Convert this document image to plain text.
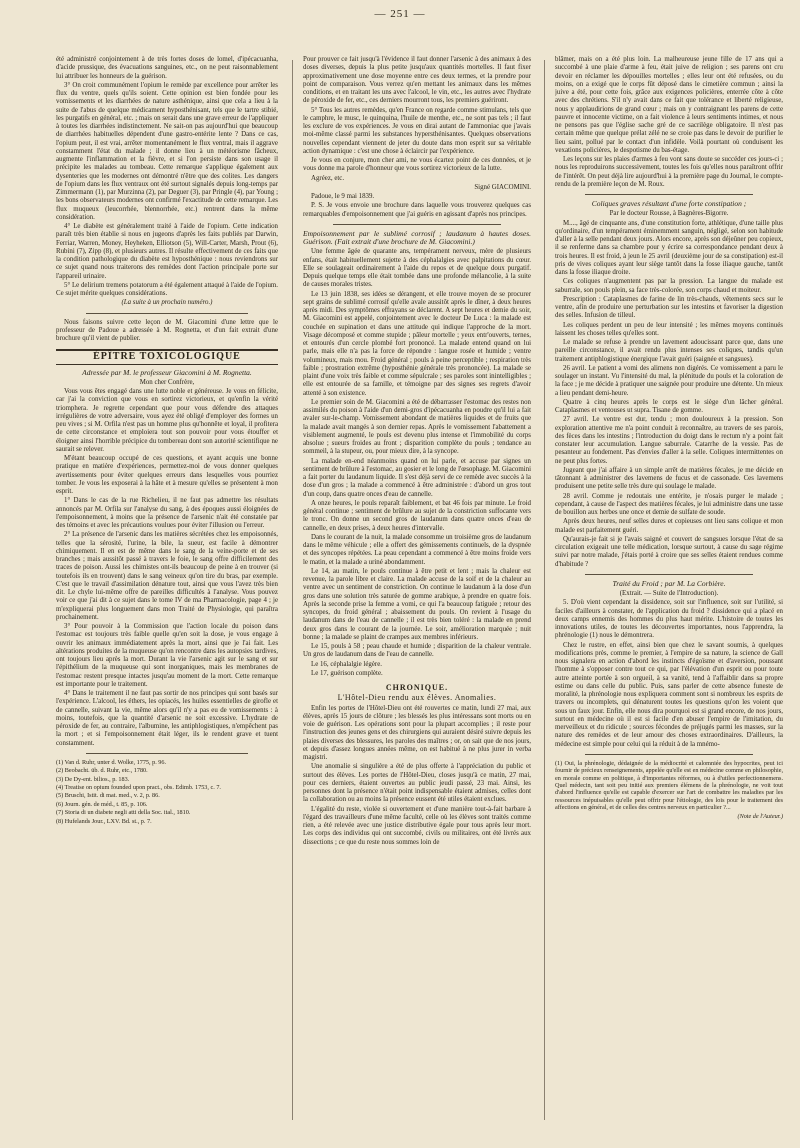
— 251 —

été administré conjointement à de très fortes doses de lomel, d'ipécacuanha, d'acide prussique, des évacuations sanguines, etc., on ne peut raisonnablement lui attribuer les honneurs de la guérison.

3° On croit communément l'opium le remède par excellence pour arrêter les flux du ventre, quels qu'ils soient. Cette opinion est bien fondée pour les vomissements et les diarrhées de nature asthénique, ainsi que cela a lieu à la suite de l'abus de quelque médicament hyposthénisant, tels que le tartre stibié, les purgatifs en général, etc. ; mais on serait dans une grave erreur de l'appliquer à toutes les diarrhées indistinctement. Ne sait-on pas aujourd'hui que beaucoup de diarrhées habituelles dépendent d'une gastro-entérite lente ? Dans ce cas, l'opium peut, il est vrai, arrêter momentanément le flux ventral, mais il aggrave constamment l'état du malade ; il donne lieu à un météorisme fâcheux, augmente l'inflammation et la fièvre, et si l'on persiste dans son usage il précipite les malades au tombeau. Cette remarque s'applique également aux dysenteries que les modernes ont démontré n'être que des colites. Les dangers de l'opium dans les flux ventraux ont été surtout signalés depuis long-temps par Zimmermann (1), par Murzinna (2), par Deguer (3), par Pringle (4), par Young ; les bons observateurs modernes ont confirmé l'exactitude de cette remarque. Les flux muqueux (leucorrhée, blennorrhée, etc.) rentrent dans la même considération.

4° Le diabète est généralement traité à l'aide de l'opium. Cette indication paraît très bien établie si nous en jugeons d'après les faits publiés par Darwin, Ferriar, Warren, Money, Heyheken, Elliotson (5), Will-Carter, Marsh, Prout (6), Rubini (7), Zipp (8), et plusieurs autres. Il résulte effectivement de ces faits que la condition pathologique du diabète est hyposthénique : nous reviendrons sur ce sujet quand nous traiterons des remèdes dont l'action principale porte sur l'appareil urinaire.

5° Le delirium tremens potatorum a été également attaqué à l'aide de l'opium. Ce sujet mérite quelques considérations.

(La suite à un prochain numéro.)

Nous faisons suivre cette leçon de M. Giacomini d'une lettre que le professeur de Padoue a adressée à M. Rognetta, et d'un fait extrait d'une brochure qu'il vient de publier.

ÉPÎTRE TOXICOLOGIQUE

Adressée par M. le professeur Giacomini à M. Rognetta.

Mon cher Confrère,

Vous vous êtes engagé dans une lutte noble et généreuse. Je vous en félicite, car j'ai la conviction que vous en sortirez victorieux, et qu'enfin la vérité triomphera. Je regrette cependant que pour vous défendre des attaques irrégulières de votre adversaire, vous ayez été obligé d'employer des formes un peu vives ; si M. Orfila n'est pas un homme plus qu'honnête et loyal, il profitera de cette circonstance et emploiera tout son pouvoir pour vous étouffer et éloigner ainsi l'horrible précipice du tombereau dont son autorité scientifique ne saurait se relever.

M'étant beaucoup occupé de ces questions, et ayant acquis une bonne pratique en matière d'expériences, permettez-moi de vous donner quelques avertissements pour éviter quelques erreurs dans lesquelles vous pourriez tomber. Je vous les exposerai à la hâte et à mesure qu'elles se présentent à mon esprit.

1° Dans le cas de la rue Richelieu, il ne faut pas admettre les résultats annoncés par M. Orfila sur l'analyse du sang, à des époques aussi éloignées de l'empoisonnement, à moins que la présence de l'arsenic n'ait été constatée par des témoins et avec les précautions voulues pour éviter l'illusion ou l'erreur.

2° La présence de l'arsenic dans les matières sécrétées chez les empoisonnés, telles que la sérosité, l'urine, la bile, la sueur, est facile à démontrer chimiquement. Il en est de même dans le sang de la veine-porte et de ses branches ; mais aussitôt passé à travers le foie, le sang offre difficilement des traces de poison. Aussi les chimistes ont-ils beaucoup de peine à en trouver (si toutefois ils en trouvent) dans le sang veineux qu'on tire du bras, par exemple. C'est que le travail d'assimilation dénature tout, ainsi que vous l'avez très bien dit. Le chyle lui-même offre de pareilles difficultés à l'analyse. Vous pouvez voir ce que j'ai dit à ce sujet dans le tome IV de ma Pharmacologie, page 4 ; je m'expliquerai plus longuement dans mon Traité de Physiologie, qui paraîtra prochainement.

3° Pour pouvoir à la Commission que l'action locale du poison dans l'estomac est toujours très faible quelle qu'en soit la dose, je vous engage à ouvrir les animaux immédiatement après la mort, ainsi que je l'ai fait. Les altérations produites de la muqueuse qu'on rencontre dans les autopsies tardives, ont toujours lieu après la mort. Durant la vie l'arsenic agit sur le sang et sur l'épithélium de la muqueuse qui sont inorganiques, mais les membranes de l'estomac restent presque intactes jusqu'au moment de la mort. Cette remarque est importante pour le traitement.

4° Dans le traitement il ne faut pas sortir de nos principes qui sont basés sur l'expérience. L'alcool, les éthers, les opiacés, les huiles essentielles de girofle et de cannelle, suivant la vie, même alors qu'il n'y a pas eu de vomissements : à moins, toutefois, que la quantité d'arsenic ne soit excessive. L'hydrate de péroxide de fer, au contraire, l'albumine, les antiphlogistiques, n'empêchent pas la mort ; et si l'empoisonnement était léger, ils le rendent grave et tuent constamment.

(1) Van d. Ruhr, unter d. Wolke, 1775, p. 96.

(2) Beobacht. üb. d. Ruhr, etc., 1780.

(3) De Dy-ent. bilios., p. 183.

(4) Treatise on opium founded upon pract., obs. Edimb. 1753, c. 7.

(5) Bruschi, Istit. di mat. med., v. 2, p. 86.

(6) Journ. gén. de méd., t. 85, p. 106.

(7) Storia di un diabete negli atti della Soc. ital., 1810.

(8) Hufelands Jour., LXV. Bd. st., p. 7.

Pour prouver ce fait jusqu'à l'évidence il faut donner l'arsenic à des animaux à des doses diverses, depuis la plus petite jusqu'aux quantités mortelles. Il faut fixer approximativement une dose moyenne entre ces deux termes, et la prendre pour point de comparaison. Vous verrez qu'en mettant les animaux dans les mêmes conditions, et en traitant les uns avec l'alcool, le vin, etc., les autres avec l'hydrate de péroxide de fer, etc., ces derniers mourront tous, les premiers guériront.

5° Tous les autres remèdes, qu'en France on regarde comme stimulans, tels que le camphre, le musc, le quinquina, l'huile de menthe, etc., ne sont pas tels ; il faut les exclure de vos expériences. Je vous en dirai autant de l'ammoniac que j'avais moi-même classé parmi les substances hypersthénisantes. Quelques observations nouvelles cependant viennent de jeter du doute dans mon esprit sur sa véritable action dynamique : c'est une chose à éclaircir par l'expérience.

Je vous en conjure, mon cher ami, ne vous écartez point de ces données, et je vous donne ma parole d'honneur que vous sortirez victorieux de la lutte.

Agréez, etc.

Signé GIACOMINI.

Padoue, le 9 mai 1839.

P. S. Je vous envoie une brochure dans laquelle vous trouverez quelques cas remarquables d'empoisonnement que j'ai guéris en agissant d'après nos principes.

Empoisonnement par le sublimé corrosif ; laudanum à hautes doses. Guérison. (Fait extrait d'une brochure de M. Giacomini.)

Une femme âgée de quarante ans, tempérament nerveux, mère de plusieurs enfans, était habituellement sujette à des céphalalgies avec palpitations du cœur. Elle se soulageait ordinairement à l'aide du repos et de quelque doux purgatif. Depuis quelque temps elle était tombée dans une profonde mélancolie, à la suite de causes morales tristes.

Le 13 juin 1838, ses idées se dérangent, et elle trouve moyen de se procurer sept grains de sublimé corrosif qu'elle avale aussitôt après le dîner, à deux heures après midi. Des symptômes effrayans se déclarent. A sept heures et demie du soir, M. Giacomini est appelé, conjointement avec le docteur De Luca : la malade est couchée en supination et dans une attitude qui indique l'approche de la mort. Visage décomposé et comme stupide ; pâleur mortelle ; yeux entr'ouverts, ternes, et entourés d'un cercle plombé fort prononcé. La malade entend quand on lui parle, mais elle n'a pas la force de répondre : langue rosée et humide ; ventre volumineux, mais mou. Froid général ; pouls à peine perceptible ; respiration très faible ; prostration extrême (hyposthénie générale très prononcée). La malade se plaint d'une voix très faible et comme sépulcrale ; ses paroles sont inintelligibles ; elle est entourée de sa famille, et témoigne par des signes ses regrets d'avoir attenté à son existence.

Le premier soin de M. Giacomini a été de débarrasser l'estomac des restes non assimilés du poison à l'aide d'un demi-gros d'ipécacuanha en poudre qu'il lui a fait avaler sur-le-champ. Vomissement abondant de matières liquides et de fruits que la malade avait mangés à son dernier repas. Après le vomissement l'abattement a visiblement augmenté, le pouls est devenu plus intense et l'immobilité du corps absolue ; sueurs froides au front ; disparition complète du pouls ; tendance au sommeil, à la stupeur, ou, pour mieux dire, à la syncope.

La malade en-end néanmoins quand on lui parle, et accuse par signes un sentiment de brûlure à l'estomac, au gosier et le long de l'œsophage. M. Giacomini a fait porter du laudanum liquide. Il s'est déjà servi de ce remède avec succès à la dose d'un gros ; la malade a commencé à être administrée : d'abord un gros tout d'un coup, dans quatre onces d'eau de cannelle.

A onze heures, le pouls reparaît faiblement, et bat 46 fois par minute. Le froid général continue ; sentiment de brûlure au sujet de la constriction suffocante vers le tronc. On donne un second gros de laudanum dans quatre onces d'eau de cannelle, en deux prises, à deux heures d'intervalle.

Dans le courant de la nuit, la malade consomme un troisième gros de laudanum dans le même véhicule ; elle a offert des gémissements continuels, de la dyspnée et des syncopes répétées. La peau cependant a commencé à être moins froide vers le matin, et la malade a uriné abondamment.

Le 14, au matin, le pouls continue à être petit et lent ; mais la chaleur est revenue, la parole libre et claire. La malade accuse de la soif et de la chaleur au ventre avec un sentiment de constriction. On continue le laudanum à la dose d'un gros dans une solution très saturée de gomme arabique, à prendre en quatre fois. Après la seconde prise la femme a vomi, ce qui l'a beaucoup fatiguée ; retour des syncopes, du froid général ; abaissement du pouls. On revient à l'usage du laudanum dans de l'eau de cannelle ; il est très bien toléré : la malade en prend deux gros dans le courant de la journée. Le soir, amélioration marquée ; nuit bonne ; la malade se plaint de crampes aux membres inférieurs.

Le 15, pouls à 58 ; peau chaude et humide ; disparition de la chaleur ventrale. Un gros de laudanum dans de l'eau de cannelle.

Le 16, céphalalgie légère.

Le 17, guérison complète.

CHRONIQUE.
L'Hôtel-Dieu rendu aux élèves. Anomalies.

Enfin les portes de l'Hôtel-Dieu ont été rouvertes ce matin, lundi 27 mai, aux élèves, après 15 jours de clôture ; les blessés les plus intéressans sont morts ou en voie de guérison. Les opérations sont pour la plupart accomplies ; il reste pour l'instruction des jeunes gens et des chirurgiens qui auraient désiré suivre depuis les plaies diverses des blessures, les paroles des maîtres ; or, on sait que de nos jours, et depuis d'assez longues années même, on est habitué à ne plus jurer in verba magistri.

Une anomalie si singulière a été de plus offerte à l'appréciation du public et surtout des élèves. Les portes de l'Hôtel-Dieu, closes jusqu'à ce matin, 27 mai, pour ces derniers, étaient ouvertes au public jeudi passé, 23 mai. Ainsi, les personnes dont la présence n'était point indispensable étaient admises, celles dont la collaboration ou au moins la présence eussent été utiles étaient exclues.

L'égalité du reste, violée si ouvertement et d'une manière tout-à-fait barbare à l'égard des travailleurs d'une même faculté, celle où les élèves sont traités comme rien, a été relevée avec une justice distributive égale pour tous après leur mort. Les corps des individus qui ont succombé, civils ou militaires, ont été livrés aux dissections ; ce que du reste nous sommes loin de

blâmer, mais on a été plus loin. La malheureuse jeune fille de 17 ans qui a succombé à une plaie d'arme à feu, était juive de religion ; ses parens ont cru devoir en réclamer les dépouilles mortelles ; elles leur ont été refusées, ou du moins, on a exigé que le corps fût déposé dans le cimetière commun ; ainsi la juive a été, pour cette fois, grâce aux exigences policières, enterrée côte à côte avec des chrétiens. S'il n'y avait dans ce fait que tolérance et liberté religieuse, nous y applaudirions de grand cœur ; mais on y contraignant les parens de cette pauvre et innocente victime, on a fait violence à leurs sentiments intimes, et nous ne pensons pas que l'église sache gré de ce sacrilège obligatoire. Il n'est pas certain même que quelque prélat zélé ne se croie pas dans le devoir de purifier le lieu saint, pollué par le contact d'un infidèle. Voilà pourtant où conduisent les vexations policières, le despotisme du bas-étage.

Les leçons sur les plaies d'armes à feu vont sans doute se succéder ces jours-ci ; nous les reproduirons successivement, toutes les fois qu'elles nous paraîtront offrir de l'intérêt. On peut déjà lire aujourd'hui à la première page du Journal, le compte-rendu de la première leçon de M. Roux.

Coliques graves résultant d'une forte constipation ;

Par le docteur Rousse, à Bagnères-Bigorre.

M...., âgé de cinquante ans, d'une constitution forte, athlétique, d'une taille plus qu'ordinaire, d'un tempérament éminemment sanguin, négligé, selon son habitude d'aller à la selle pendant deux jours. Alors encore, après son déjeûner peu copieux, il se renferme dans sa chambre pour y écrire sa correspondance pendant deux à trois heures. Il est froid, à jeun le 25 avril (deuxième jour de sa constipation) est-il pris de vives coliques ayant leur siège tantôt dans la fosse iliaque gauche, tantôt dans la fosse iliaque droite.

Ces coliques n'augmentent pas par la pression. La langue du malade est saburrale, son pouls plein, sa face très-colorée, son corps chaud et moiteur.

Prescription : Cataplasmes de farine de lin très-chauds, vêtements secs sur le ventre, afin de produire une perturbation sur les intestins et favoriser la digestion des selles. Infusion de tilleul.

Les coliques perdent un peu de leur intensité ; les mêmes moyens continués laissent les choses telles qu'elles sont.

Le malade se refuse à prendre un lavement adoucissant parce que, dans une pareille circonstance, il avait rendu plus intenses ses coliques, tandis qu'un traitement antiphlogistique énergique l'avait guéri (saignée et sangsues).

26 avril. Le patient a vomi des alimens non digérés. Ce vomissement a paru le soulager un instant. Vu l'intensité du mal, la plénitude du pouls et la coloration de la face ; je me décide à pratiquer une saignée pour produire une détente. Un mieux a lieu pendant demi-heure.

Quatre à cinq heures après le corps est le siège d'un lâcher général. Cataplasmes et ventouses ut supra. Tisane de gomme.

27 avril. Le ventre est dur, tendu ; mon douloureux à la pression. Son exploration attentive me n'a point conduit à reconnaître, au travers de ses parois, des fèces dans les intestins ; l'introduction du doigt dans le rectum n'y a point fait constater leur accumulation. Langue saburrale. Catarrhe de la vessie. Pas de pesanteur au fondement. Pas d'envies d'aller à la selle. Coliques intermittentes on ne peut plus fortes.

Jugeant que j'ai affaire à un simple arrêt de matières fécales, je me décide en tâtonnant à administrer des lavemens de fucus et de cassonade. Ces lavemens produisent une petite selle très dure qui soulage le malade.

28 avril. Comme je redoutais une entérite, je n'osais purger le malade ; cependant, à cause de l'aspect des matières fécales, je lui administre dans une tasse de bouillon aux herbes une once et demie de sulfate de soude.

Après deux heures, neuf selles dures et copieuses ont lieu sans colique et mon malade est parfaitement guéri.

Qu'aurais-je fait si je l'avais saigné et couvert de sangsues lorsque l'état de sa circulation exigeait une telle médication, lorsque surtout, à cause du sage régime suivi par notre malade, j'étais porté à croire que ses selles étaient rendues comme d'habitude ?

Traité du Froid ; par M. La Corbière.

(Extrait. — Suite de l'Introduction).

5. D'où vient cependant la dissidence, soit sur l'influence, soit sur l'utilité, si faciles d'ailleurs à constater, de l'application du froid ? dissidence qui a placé en deux camps ennemis des hommes du plus haut mérite. L'histoire de toutes les innovations utiles, de toutes les découvertes importantes, nous l'apprendra, la phrénologie (1) nous le démontrera.

Chez le rustre, en effet, ainsi bien que chez le savant soumis, à quelques modifications près, comme le premier, à l'empire de sa nature, la science de Gall nous signalera en action d'abord les instincts d'égoïsme et d'aversion, poussant l'homme à s'opposer contre tout ce qui, par l'élévation d'un esprit ou pour toute autre atteinte portée à son orgueil, à sa vanité, tend à l'affaiblir dans sa propre estime ou dans celle du public. Puis, sans parler de cette absence funeste de moralité, la phrénologie nous expliquera comment sont si nombreux les esprits de travers ou incomplets, qui dénaturent toutes les questions qu'on les voient que sous un faux jour. Enfin, elle nous dira pourquoi est si grand encore, de nos jours, surtout en médecine où il est si facile d'en abuser l'empire de l'imitation, du merveilleux et du ridicule ; sources fécondes de préjugés parmi les masses, sur la nature des remèdes et de leur amour des choses extraordinaires. D'ailleurs, la médecine est simple pour celui qui la réduit à de la mnémo-

(1) Oui, la phrénologie, dédaignée de la médiocrité et calomniée des hypocrites, peut ici fournir de précieux renseignements, appelée qu'elle est en médecine comme en philosophie, en morale comme en politique, à d'importantes réformes, ou à d'utiles perfectionnemens. Quel médecin, tant soit peu initié aux premiers élémens de la phrénologie, ne voit tout d'abord l'influence qu'elle est capable d'exercer sur l'art de combattre les maladies par les ressources inépuisables qu'elle peut offrir pour l'étiologie, des lois pour le traitement des affections en général, et de celles des centres nerveux en particulier ?...

(Note de l'Auteur.)
